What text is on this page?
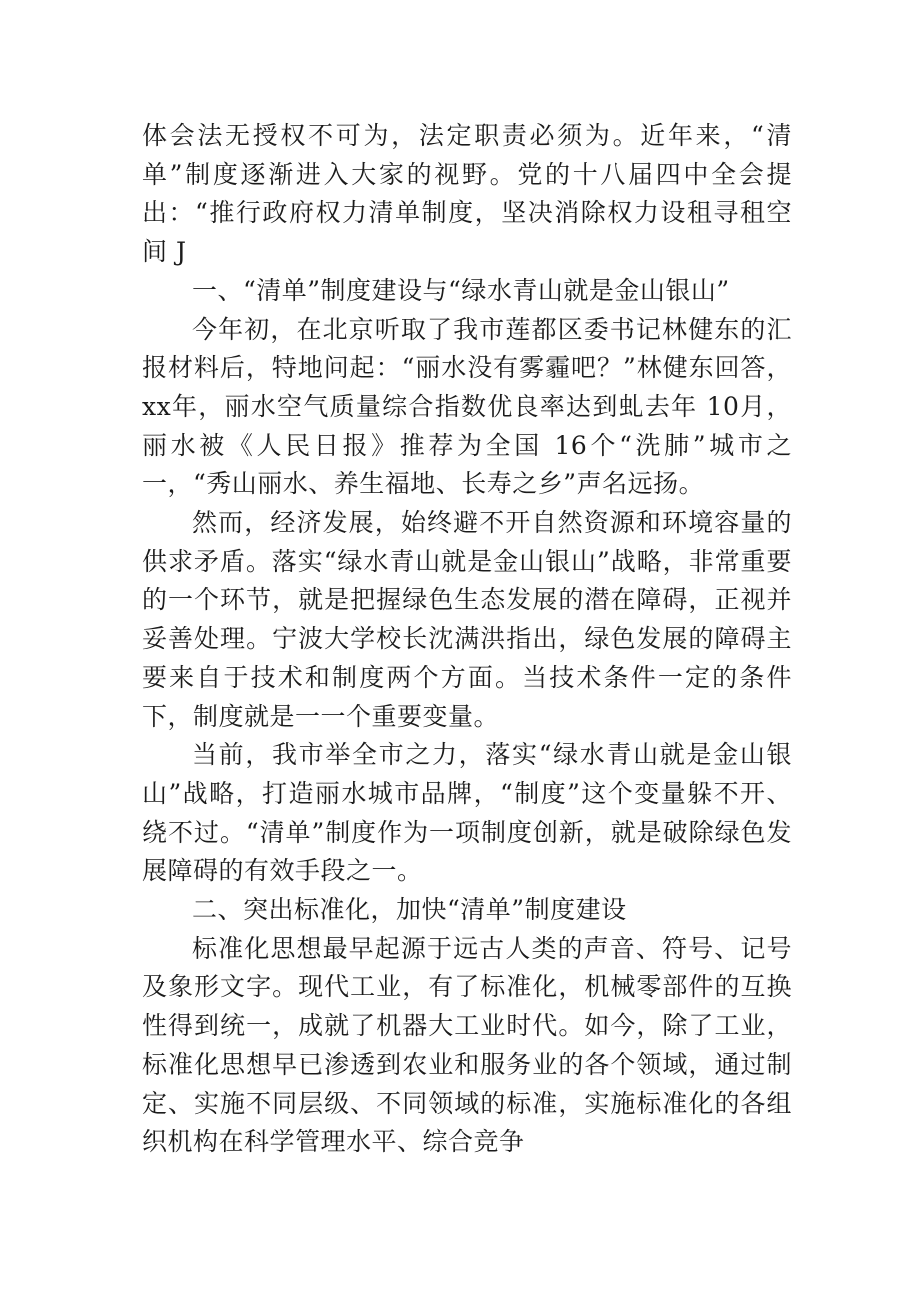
体会法无授权不可为，法定职责必须为。近年来，“清单”制度逐渐进入大家的视野。党的十八届四中全会提出：“推行政府权力清单制度，坚决消除权力设租寻租空间 J

一、“清单”制度建设与“绿水青山就是金山银山”

今年初，在北京听取了我市莲都区委书记林健东的汇报材料后，特地问起：“丽水没有雾霾吧？”林健东回答，xx年，丽水空气质量综合指数优良率达到虬去年 10月，丽水被《人民日报》推荐为全国 16个“洗肺”城市之一，“秀山丽水、养生福地、长寿之乡”声名远扬。

然而，经济发展，始终避不开自然资源和环境容量的供求矛盾。落实“绿水青山就是金山银山”战略，非常重要的一个环节，就是把握绿色生态发展的潜在障碍，正视并妥善处理。宁波大学校长沈满洪指出，绿色发展的障碍主要来自于技术和制度两个方面。当技术条件一定的条件下，制度就是一一个重要变量。

当前，我市举全市之力，落实“绿水青山就是金山银山”战略，打造丽水城市品牌，“制度”这个变量躲不开、绕不过。“清单”制度作为一项制度创新，就是破除绿色发展障碍的有效手段之一。

二、突出标准化，加快“清单”制度建设

标准化思想最早起源于远古人类的声音、符号、记号及象形文字。现代工业，有了标准化，机械零部件的互换性得到统一，成就了机器大工业时代。如今，除了工业，标准化思想早已渗透到农业和服务业的各个领域，通过制定、实施不同层级、不同领域的标准，实施标准化的各组织机构在科学管理水平、综合竞争
